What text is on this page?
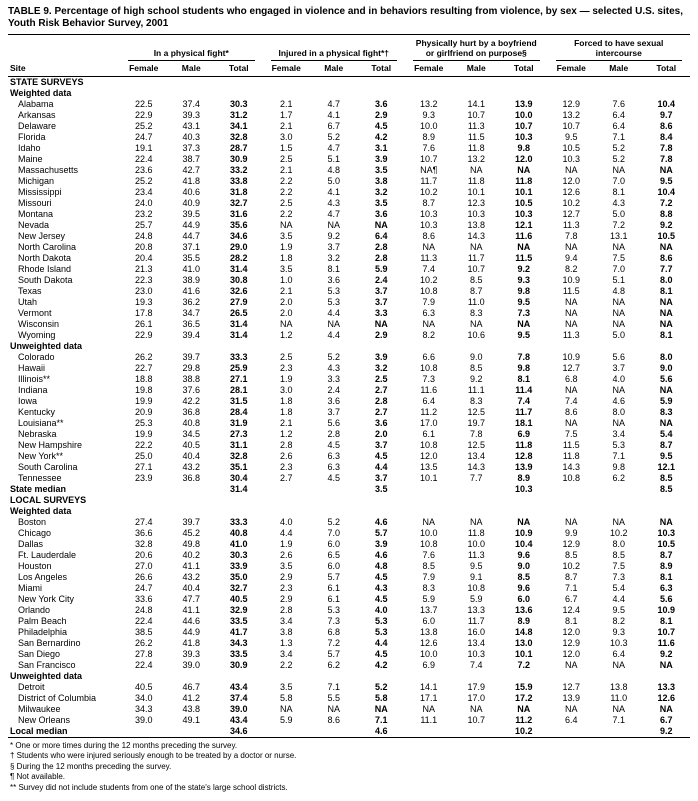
TABLE 9. Percentage of high school students who engaged in violence and in behaviors resulting from violence, by sex — selected U.S. sites, Youth Risk Behavior Survey, 2001
Site	In a physical fight*			Injured in a physical fight*†			Physically hurt by a boyfriend or girlfriend on purpose§			Forced to have sexual intercourse		

	Female	Male	Total	Female	Male	Total	Female	Male	Total	Female	Male	Total
STATE SURVEYS												
Weighted data												
Alabama	22.5	37.4	30.3	2.1	4.7	3.6	13.2	14.1	13.9	12.9	7.6	10.4
Arkansas	22.9	39.3	31.2	1.7	4.1	2.9	9.3	10.7	10.0	13.2	6.4	9.7
Delaware	25.2	43.1	34.1	2.1	6.7	4.5	10.0	11.3	10.7	10.7	6.4	8.6
Florida	24.7	40.3	32.8	3.0	5.2	4.2	8.9	11.5	10.3	9.5	7.1	8.4
Idaho	19.1	37.3	28.7	1.5	4.7	3.1	7.6	11.8	9.8	10.5	5.2	7.8
Maine	22.4	38.7	30.9	2.5	5.1	3.9	10.7	13.2	12.0	10.3	5.2	7.8
Massachusetts	23.6	42.7	33.2	2.1	4.8	3.5	NA¶	NA	NA	NA	NA	NA
Michigan	25.2	41.8	33.8	2.2	5.0	3.8	11.7	11.8	11.8	12.0	7.0	9.5
Mississippi	23.4	40.6	31.8	2.2	4.1	3.2	10.2	10.1	10.1	12.6	8.1	10.4
Missouri	24.0	40.9	32.7	2.5	4.3	3.5	8.7	12.3	10.5	10.2	4.3	7.2
Montana	23.2	39.5	31.6	2.2	4.7	3.6	10.3	10.3	10.3	12.7	5.0	8.8
Nevada	25.7	44.9	35.6	NA	NA	NA	10.3	13.8	12.1	11.3	7.2	9.2
New Jersey	24.8	44.7	34.6	3.5	9.2	6.4	8.6	14.3	11.6	7.8	13.1	10.5
North Carolina	20.8	37.1	29.0	1.9	3.7	2.8	NA	NA	NA	NA	NA	NA
North Dakota	20.4	35.5	28.2	1.8	3.2	2.8	11.3	11.7	11.5	9.4	7.5	8.6
Rhode Island	21.3	41.0	31.4	3.5	8.1	5.9	7.4	10.7	9.2	8.2	7.0	7.7
South Dakota	22.3	38.9	30.8	1.0	3.6	2.4	10.2	8.5	9.3	10.9	5.1	8.0
Texas	23.0	41.6	32.6	2.1	5.3	3.7	10.8	8.7	9.8	11.5	4.8	8.1
Utah	19.3	36.2	27.9	2.0	5.3	3.7	7.9	11.0	9.5	NA	NA	NA
Vermont	17.8	34.7	26.5	2.0	4.4	3.3	6.3	8.3	7.3	NA	NA	NA
Wisconsin	26.1	36.5	31.4	NA	NA	NA	NA	NA	NA	NA	NA	NA
Wyoming	22.9	39.4	31.4	1.2	4.4	2.9	8.2	10.6	9.5	11.3	5.0	8.1
Unweighted data												
Colorado	26.2	39.7	33.3	2.5	5.2	3.9	6.6	9.0	7.8	10.9	5.6	8.0
Hawaii	22.7	29.8	25.9	2.3	4.3	3.2	10.8	8.5	9.8	12.7	3.7	9.0
Illinois**	18.8	38.8	27.1	1.9	3.3	2.5	7.3	9.2	8.1	6.8	4.0	5.6
Indiana	19.8	37.6	28.1	3.0	2.4	2.7	11.6	11.1	11.4	NA	NA	NA
Iowa	19.9	42.2	31.5	1.8	3.6	2.8	6.4	8.3	7.4	7.4	4.6	5.9
Kentucky	20.9	36.8	28.4	1.8	3.7	2.7	11.2	12.5	11.7	8.6	8.0	8.3
Louisiana**	25.3	40.8	31.9	2.1	5.6	3.6	17.0	19.7	18.1	NA	NA	NA
Nebraska	19.9	34.5	27.3	1.2	2.8	2.0	6.1	7.8	6.9	7.5	3.4	5.4
New Hampshire	22.2	40.5	31.1	2.8	4.5	3.7	10.8	12.5	11.8	11.5	5.3	8.7
New York**	25.0	40.4	32.8	2.6	6.3	4.5	12.0	13.4	12.8	11.8	7.1	9.5
South Carolina	27.1	43.2	35.1	2.3	6.3	4.4	13.5	14.3	13.9	14.3	9.8	12.1
Tennessee	23.9	36.8	30.4	2.7	4.5	3.7	10.1	7.7	8.9	10.8	6.2	8.5
State median			31.4			3.5			10.3			8.5
LOCAL SURVEYS												
Weighted data												
Boston	27.4	39.7	33.3	4.0	5.2	4.6	NA	NA	NA	NA	NA	NA
Chicago	36.6	45.2	40.8	4.4	7.0	5.7	10.0	11.8	10.9	9.9	10.2	10.3
Dallas	32.8	49.8	41.0	1.9	6.0	3.9	10.8	10.0	10.4	12.9	8.0	10.5
Ft. Lauderdale	20.6	40.2	30.3	2.6	6.5	4.6	7.6	11.3	9.6	8.5	8.5	8.7
Houston	27.0	41.1	33.9	3.5	6.0	4.8	8.5	9.5	9.0	10.2	7.5	8.9
Los Angeles	26.6	43.2	35.0	2.9	5.7	4.5	7.9	9.1	8.5	8.7	7.3	8.1
Miami	24.7	40.4	32.7	2.3	6.1	4.3	8.3	10.8	9.6	7.1	5.4	6.3
New York City	33.6	47.7	40.5	2.9	6.1	4.5	5.9	5.9	6.0	6.7	4.4	5.6
Orlando	24.8	41.1	32.9	2.8	5.3	4.0	13.7	13.3	13.6	12.4	9.5	10.9
Palm Beach	22.4	44.6	33.5	3.4	7.3	5.3	6.0	11.7	8.9	8.1	8.2	8.1
Philadelphia	38.5	44.9	41.7	3.8	6.8	5.3	13.8	16.0	14.8	12.0	9.3	10.7
San Bernardino	26.2	41.8	34.3	1.3	7.2	4.4	12.6	13.4	13.0	12.9	10.3	11.6
San Diego	27.8	39.3	33.5	3.4	5.7	4.5	10.0	10.3	10.1	12.0	6.4	9.2
San Francisco	22.4	39.0	30.9	2.2	6.2	4.2	6.9	7.4	7.2	NA	NA	NA
Unweighted data												
Detroit	40.5	46.7	43.4	3.5	7.1	5.2	14.1	17.9	15.9	12.7	13.8	13.3
District of Columbia	34.0	41.2	37.4	5.8	5.5	5.8	17.1	17.0	17.2	13.9	11.0	12.6
Milwaukee	34.3	43.8	39.0	NA	NA	NA	NA	NA	NA	NA	NA	NA
New Orleans	39.0	49.1	43.4	5.9	8.6	7.1	11.1	10.7	11.2	6.4	7.1	6.7
Local median			34.6			4.6			10.2			9.2
* One or more times during the 12 months preceding the survey.
† Students who were injured seriously enough to be treated by a doctor or nurse.
§ During the 12 months preceding the survey.
¶ Not available.
** Survey did not include students from one of the state's large school districts.
